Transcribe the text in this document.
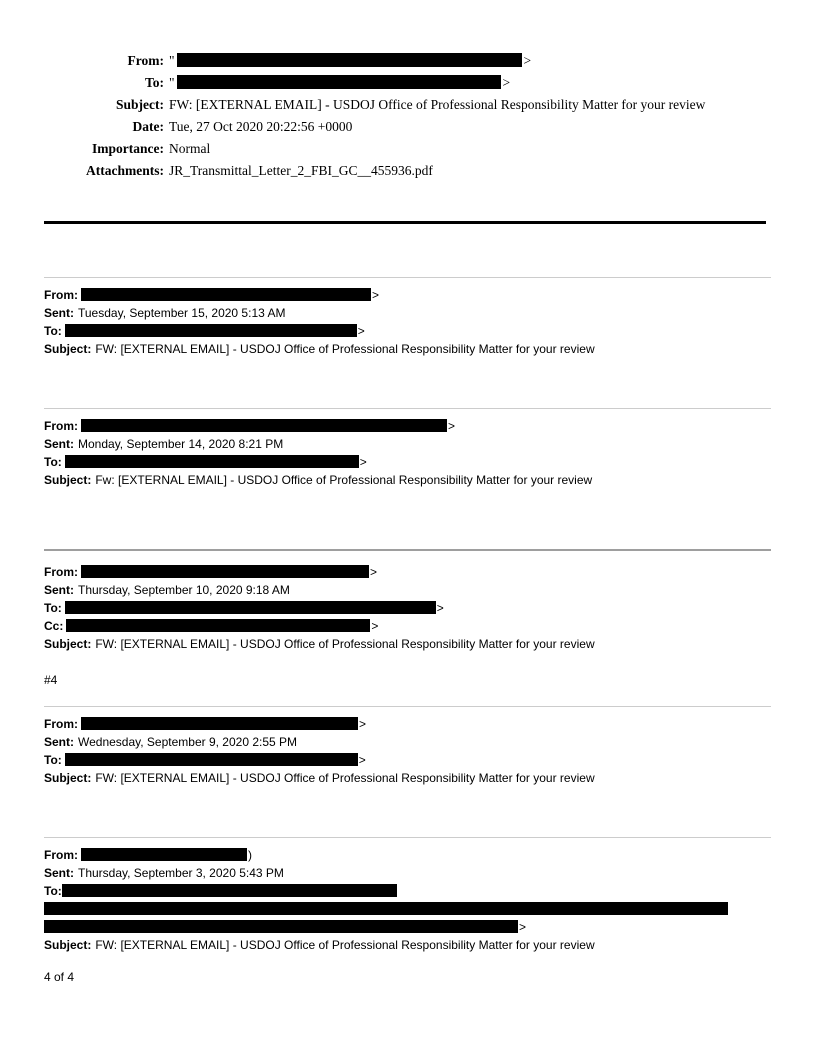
From: "	>
To: "	>
Subject: FW: [EXTERNAL EMAIL] - USDOJ Office of Professional Responsibility Matter for your review
Date: Tue, 27 Oct 2020 20:22:56 +0000
Importance: Normal
Attachments: JR_Transmittal_Letter_2_FBI_GC__455936.pdf
From:	>
Sent: Tuesday, September 15, 2020 5:13 AM
To:	>
Subject: FW: [EXTERNAL EMAIL] - USDOJ Office of Professional Responsibility Matter for your review
From:	>
Sent: Monday, September 14, 2020 8:21 PM
To:	>
Subject: Fw: [EXTERNAL EMAIL] - USDOJ Office of Professional Responsibility Matter for your review
From:	>
Sent: Thursday, September 10, 2020 9:18 AM
To:	>
Cc:	>
Subject: FW: [EXTERNAL EMAIL] - USDOJ Office of Professional Responsibility Matter for your review
#4
From:	>
Sent: Wednesday, September 9, 2020 2:55 PM
To:	>
Subject: FW: [EXTERNAL EMAIL] - USDOJ Office of Professional Responsibility Matter for your review
From:	)
Sent: Thursday, September 3, 2020 5:43 PM
To:
>
Subject: FW: [EXTERNAL EMAIL] - USDOJ Office of Professional Responsibility Matter for your review
4 of 4
